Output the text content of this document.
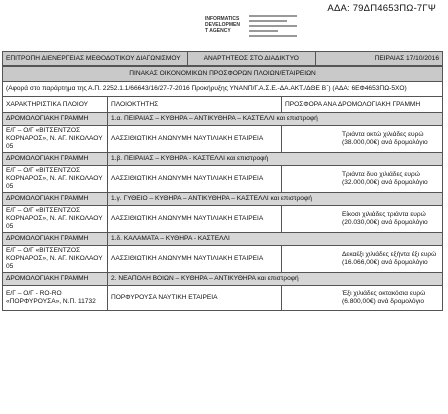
ΑΔΑ: 79ΔΠ4653ΠΩ-7ΓΨ
INFORMATICS
DEVELOPMEN
T AGENCY
ΕΠΙΤΡΟΠΗ ΔΙΕΝΕΡΓΕΙΑΣ ΜΕΘΟΔΟΤΙΚΟΥ ΔΙΑΓΩΝΙΣΜΟΥ	ΑΝΑΡΤΗΤΕΟΣ ΣΤΟ ΔΙΑΔΙΚΤΥΟ	ΠΕΙΡΑΙΑΣ 17/10/2016
ΠΙΝΑΚΑΣ ΟΙΚΟΝΟΜΙΚΩΝ ΠΡΟΣΦΟΡΩΝ ΠΛΟΙΩΝ/ΕΤΑΙΡΕΙΩΝ		
(Αφορά στο παράρτημα της Α.Π. 2252.1.1/66643/16/27-7-2016 Προκήρυξης ΥΝΑΝΠ/Γ.Α.Σ.Ε.-ΔΑ.ΑΚΤ./ΔΘΕ Β΄) (ΑΔΑ: 6ΕΦ4653ΠΩ-5ΧΟ)		
ΧΑΡΑΚΤΗΡΙΣΤΙΚΑ ΠΛΟΙΟΥ	ΠΛΟΙΟΚΤΗΤΗΣ	ΠΡΟΣΦΟΡΑ ΑΝΑ ΔΡΟΜΟΛΟΓΙΑΚΗ ΓΡΑΜΜΗ
ΔΡΟΜΟΛΟΓΙΑΚΗ ΓΡΑΜΜΗ	1.α. ΠΕΙΡΑΙΑΣ – ΚΥΘΗΡΑ – ΑΝΤΙΚΥΘΗΡΑ – ΚΑΣΤΕΛΛΙ και επιστροφή	
Ε/Γ – Ο/Γ «ΒΙΤΣΕΝΤΖΟΣ ΚΟΡΝΑΡΟΣ», Ν. ΑΓ. ΝΙΚΟΛΑΟΥ 05	ΛΑΣΣΙΘΙΩΤΙΚΗ ΑΝΩΝΥΜΗ ΝΑΥΤΙΛΙΑΚΗ ΕΤΑΙΡΕΙΑ	Τριάντα οκτώ χιλιάδες ευρώ (38.000,00€) ανά δρομολόγιο
ΔΡΟΜΟΛΟΓΙΑΚΗ ΓΡΑΜΜΗ	1.β. ΠΕΙΡΑΙΑΣ – ΚΥΘΗΡΑ - ΚΑΣΤΕΛΛΙ και επιστροφή	
Ε/Γ – Ο/Γ «ΒΙΤΣΕΝΤΖΟΣ ΚΟΡΝΑΡΟΣ», Ν. ΑΓ. ΝΙΚΟΛΑΟΥ 05	ΛΑΣΣΙΘΙΩΤΙΚΗ ΑΝΩΝΥΜΗ ΝΑΥΤΙΛΙΑΚΗ ΕΤΑΙΡΕΙΑ	Τριάντα δυο χιλιάδες ευρώ (32.000,00€) ανά δρομολόγιο
ΔΡΟΜΟΛΟΓΙΑΚΗ ΓΡΑΜΜΗ	1.γ. ΓΥΘΕΙΟ – ΚΥΘΗΡΑ – ΑΝΤΙΚΥΘΗΡΑ – ΚΑΣΤΕΛΛΙ και επιστροφή	
Ε/Γ – Ο/Γ «ΒΙΤΣΕΝΤΖΟΣ ΚΟΡΝΑΡΟΣ», Ν. ΑΓ. ΝΙΚΟΛΑΟΥ 05	ΛΑΣΣΙΘΙΩΤΙΚΗ ΑΝΩΝΥΜΗ ΝΑΥΤΙΛΙΑΚΗ ΕΤΑΙΡΕΙΑ	Είκοσι χιλιάδες τριάντα ευρώ (20.030,00€) ανά δρομολόγιο
ΔΡΟΜΟΛΟΓΙΑΚΗ ΓΡΑΜΜΗ	1.δ. ΚΑΛΑΜΑΤΑ – ΚΥΘΗΡΑ - ΚΑΣΤΕΛΛΙ	
Ε/Γ – Ο/Γ «ΒΙΤΣΕΝΤΖΟΣ ΚΟΡΝΑΡΟΣ», Ν. ΑΓ. ΝΙΚΟΛΑΟΥ 05	ΛΑΣΣΙΘΙΩΤΙΚΗ ΑΝΩΝΥΜΗ ΝΑΥΤΙΛΙΑΚΗ ΕΤΑΙΡΕΙΑ	Δεκαέξι χιλιάδες εξήντα έξι ευρώ (16.066,00€) ανά δρομολόγιο
ΔΡΟΜΟΛΟΓΙΑΚΗ ΓΡΑΜΜΗ	2. ΝΕΑΠΟΛΗ ΒΟΙΩΝ – ΚΥΘΗΡΑ – ΑΝΤΙΚΥΘΗΡΑ και επιστροφή	
Ε/Γ – Ο/Γ - RO-RO «ΠΟΡΦΥΡΟΥΣΑ», Ν.Π. 11732	ΠΟΡΦΥΡΟΥΣΑ ΝΑΥΤΙΚΗ ΕΤΑΙΡΕΙΑ	Έξι χιλιάδες οκτακόσια ευρώ (6.800,00€) ανά δρομολόγιο
